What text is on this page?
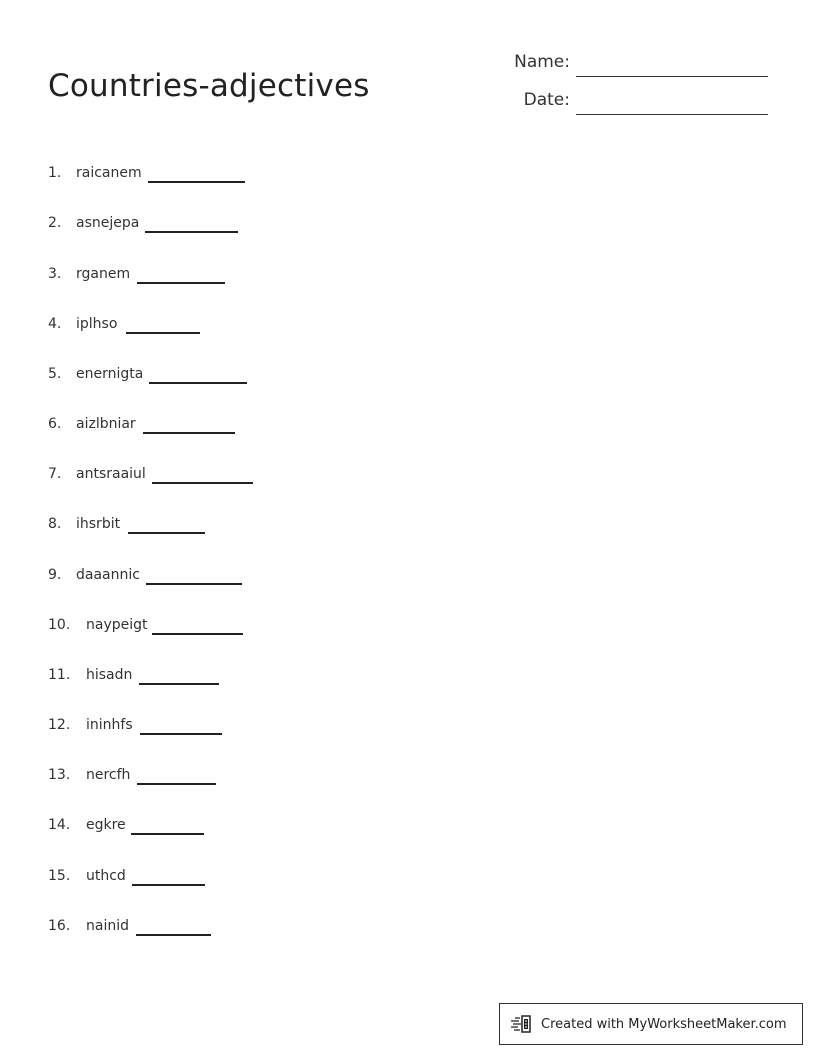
Countries-adjectives
Name:
Date:
1. raicanem
2. asnejepa
3. rganem
4. iplhso
5. enernigta
6. aizlbniar
7. antsraaiul
8. ihsrbit
9. daaannic
10. naypeigt
11. hisadn
12. ininhfs
13. nercfh
14. egkre
15. uthcd
16. nainid
Created with MyWorksheetMaker.com
